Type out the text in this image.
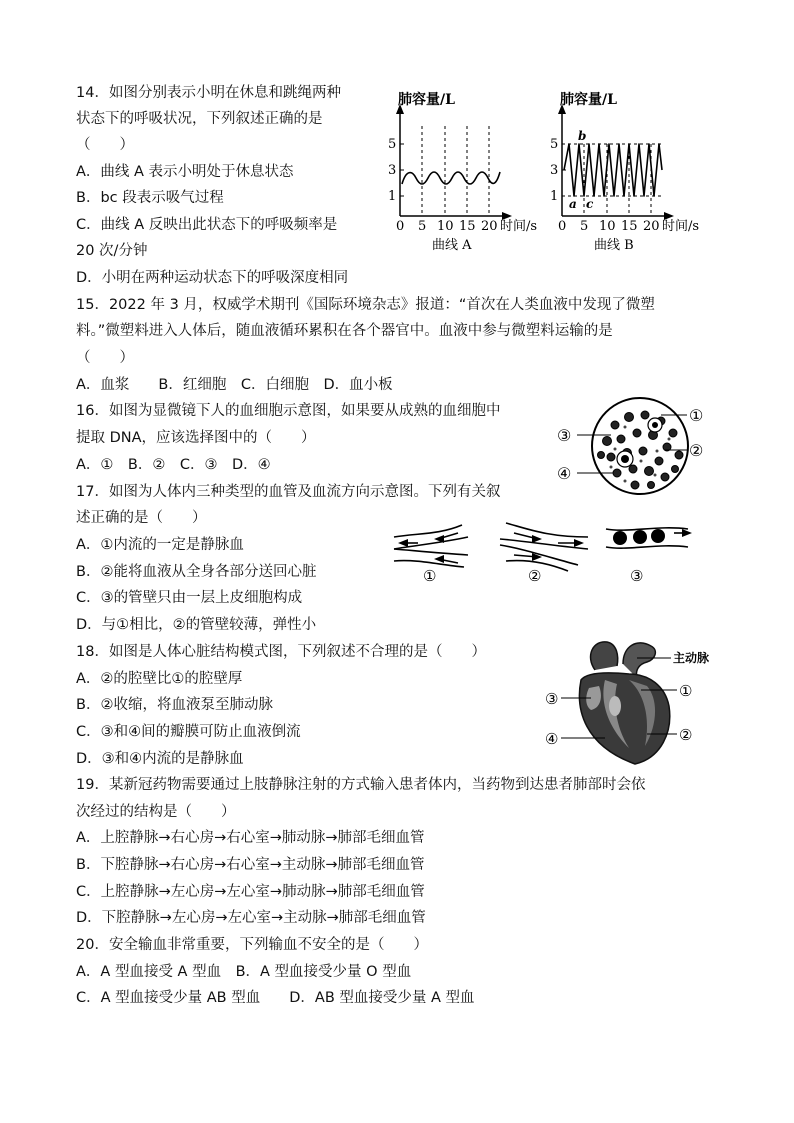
14．如图分别表示小明在休息和跳绳两种
状态下的呼吸状况，下列叙述正确的是
（　　）
A．曲线 A 表示小明处于休息状态
B．bc 段表示吸气过程
C．曲线 A 反映出此状态下的呼吸频率是
20 次/分钟
D．小明在两种运动状态下的呼吸深度相同
肺容量/L
5
3
1
0 5 10 15 20 时间/s
曲线 A
肺容量/L
5
3
1
b
a c
0 5 10 15 20 时间/s
曲线 B
15．2022 年 3 月，权威学术期刊《国际环境杂志》报道：“首次在人类血液中发现了微塑
料。”微塑料进入人体后，随血液循环累积在各个器官中。血液中参与微塑料运输的是
（　　）
A．血浆　　B．红细胞　C．白细胞　D．血小板
16．如图为显微镜下人的血细胞示意图，如果要从成熟的血细胞中
提取 DNA，应该选择图中的（　　）
A．①　B．②　C．③　D．④
①
②
③
④
17．如图为人体内三种类型的血管及血流方向示意图。下列有关叙
述正确的是（　　）
A．①内流的一定是静脉血
B．②能将血液从全身各部分送回心脏
C．③的管壁只由一层上皮细胞构成
D．与①相比，②的管壁较薄，弹性小
①	②	③
18．如图是人体心脏结构模式图，下列叙述不合理的是（　　）
A．②的腔壁比①的腔壁厚
B．②收缩，将血液泵至肺动脉
C．③和④间的瓣膜可防止血液倒流
D．③和④内流的是静脉血
主动脉
①
②
③
④
19．某新冠药物需要通过上肢静脉注射的方式输入患者体内，当药物到达患者肺部时会依
次经过的结构是（　　）
A．上腔静脉→右心房→右心室→肺动脉→肺部毛细血管
B．下腔静脉→右心房→右心室→主动脉→肺部毛细血管
C．上腔静脉→左心房→左心室→肺动脉→肺部毛细血管
D．下腔静脉→左心房→左心室→主动脉→肺部毛细血管
20．安全输血非常重要，下列输血不安全的是（　　）
A．A 型血接受 A 型血　B．A 型血接受少量 O 型血
C．A 型血接受少量 AB 型血　　D．AB 型血接受少量 A 型血
